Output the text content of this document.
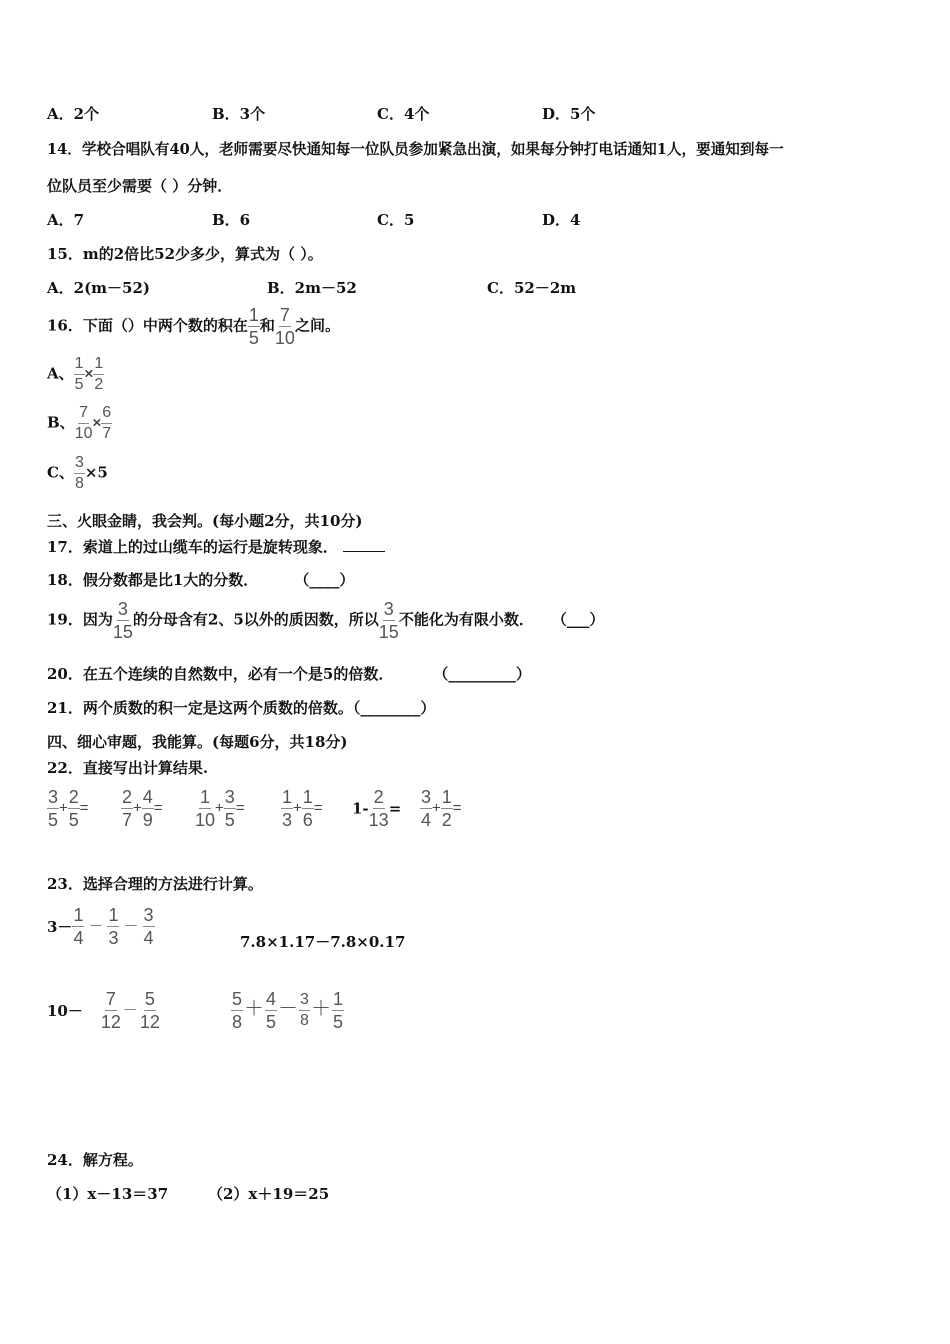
A．2个	B．3个	C．4个	D．5个
14．学校合唱队有40人，老师需要尽快通知每一位队员参加紧急出演，如果每分钟打电话通知1人，要通知到每一
位队员至少需要（ ）分钟．
A．7	B．6	C．5	D．4
15．m的2倍比52少多少，算式为（ ）。
A．2(m－52)	B．2m－52	C．52－2m
16．下面（）中两个数的积在 $\frac{1}{5}$ 和 $\frac{7}{10}$ 之间。
A、 $\frac{1}{5} \times \frac{1}{2}$
B、 $\frac{7}{10} \times \frac{6}{7}$
C、 $\frac{3}{8} \times 5$
三、火眼金睛，我会判。(每小题2分，共10分)
17．索道上的过山缆车的运行是旋转现象．
18．假分数都是比1大的分数． （____）
19．因为 $\frac{3}{15}$ 的分母含有2、5以外的质因数，所以 $\frac{3}{15}$ 不能化为有限小数． （___）
20．在五个连续的自然数中，必有一个是5的倍数．	（_________）
21．两个质数的积一定是这两个质数的倍数。（________）
四、细心审题，我能算。(每题6分，共18分)
22．直接写出计算结果.
$\frac{3}{5} + \frac{2}{5} = \frac{2}{7} + \frac{4}{9} = \frac{1}{10} + \frac{3}{5} = \frac{1}{3} + \frac{1}{6} = 1- \frac{2}{13} = \frac{3}{4} + \frac{1}{2}$ =
23．选择合理的方法进行计算。
$3- \frac{1}{4} - \frac{1}{3} - \frac{3}{4}$	7.8×1.17－7.8×0.17
$10- \frac{7}{12} - \frac{5}{12}$	$\frac{5}{8} + \frac{4}{5} - \frac{3}{8} + \frac{1}{5}$
24．解方程。
（1）x－13＝37	（2）x＋19＝25
